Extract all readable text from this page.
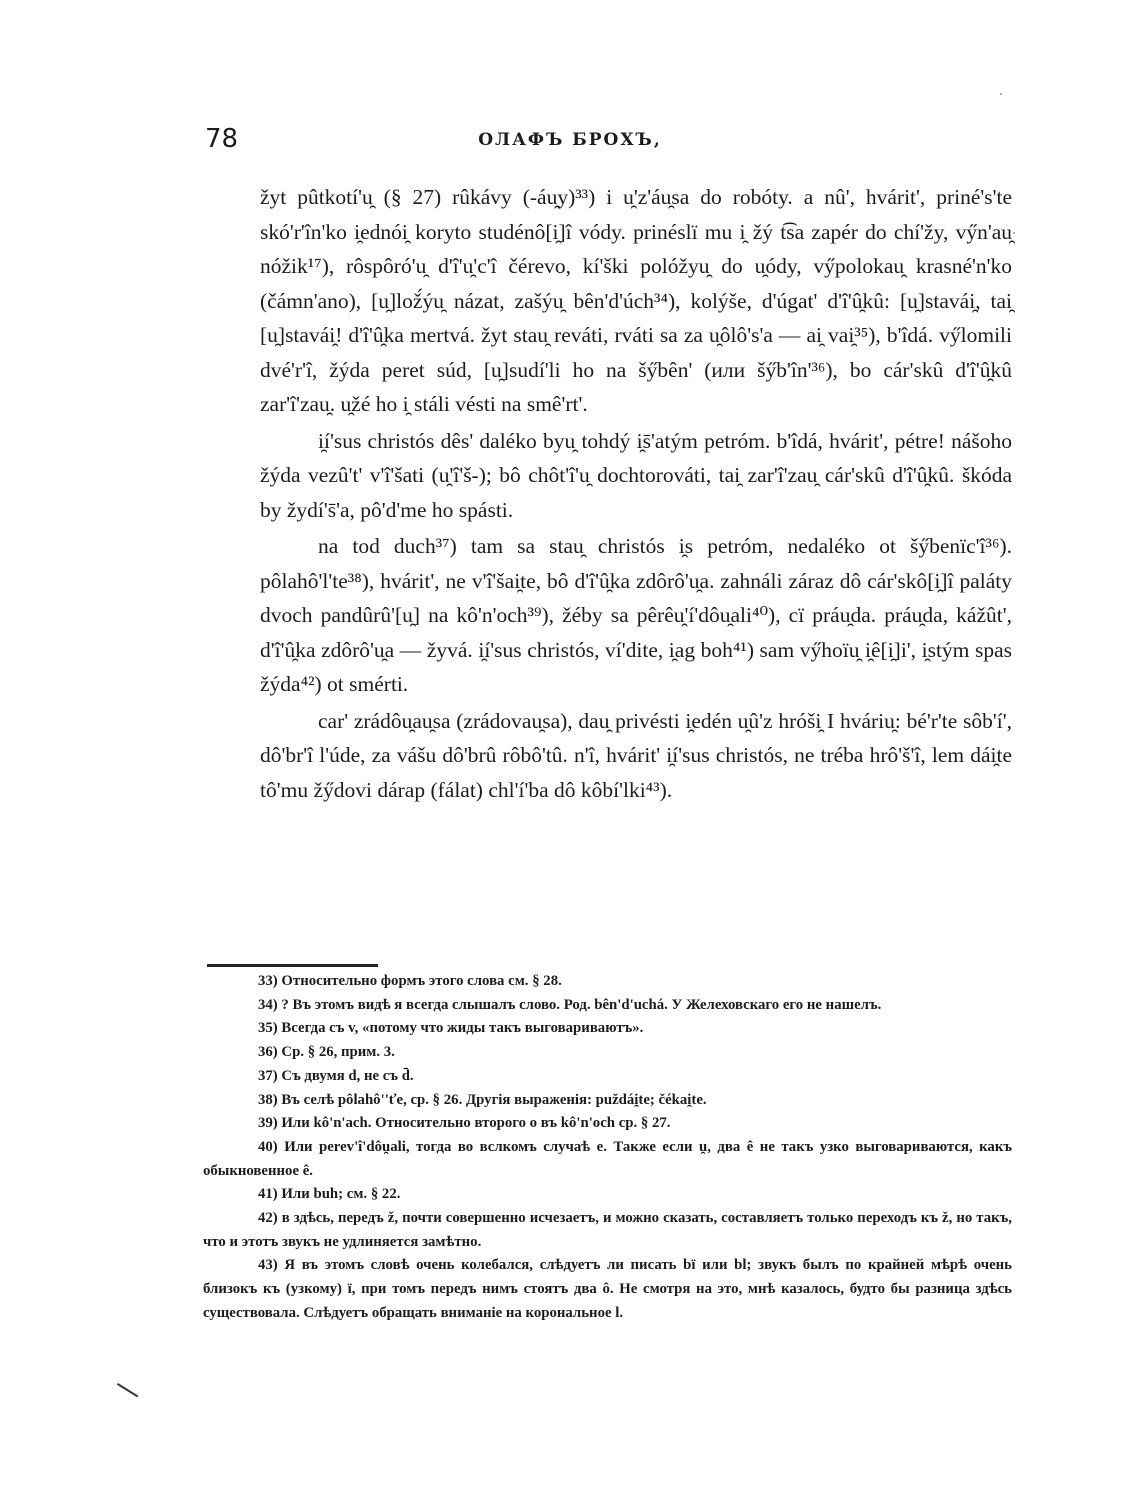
78	ОЛАФЪ БРОХЪ,

žyt pûtkotí'u̯ (§ 27) rûkávy (-áu̯y)³³) i u̯'z'áu̯sa do robóty. a nû', hvárit', priné's'te skó'r'în'ko i̯ednói̯ koryto studénô[i̯]î vódy. prinéslï mu i̯ žý t͡sa zapér do chí'žy, vy̋n'au̯ nóžik¹⁷), rôspôró'u̯ d'î'u̯'c'î čérevo, kí'ški polóžyu̯ do u̯ódy, vy̋polokau̯ krasné'n'ko (čámn'ano), [u̯]lož́ýu̯ názat, zašýu̯ bên'd'úch³⁴), kolýše, d'úgat' d'î'û̯kû: [u̯]stavái̯, tai̯ [u̯]stavái̯! d'î'û̯ka mertvá. žyt stau̯ reváti, rváti sa za u̯ôlô's'a — ai̯ vai̯³⁵), b'îdá. vy̋lomili dvé'r'î, žýda peret súd, [u̯]sudí'li ho na šy̋bên' (или šy̋b'în'³⁶), bo cár'skû d'î'û̯kû zar'î'zau̯. u̯žé ho i̯ stáli vésti na smê'rt'.

i̯í'sus christós dês' daléko byu̯ tohdý i̯s̄'atým petróm. b'îdá, hvárit', pétre! nášoho žýda vezû't' v'î'šati (u̯'î'š-); bô chôt'î'u̯ dochtorováti, tai̯ zar'î'zau̯ cár'skû d'î'û̯kû. škóda by žydí's̄'a, pô'd'me ho spásti.

na tod duch³⁷) tam sa stau̯ christós i̯s petróm, nedaléko ot šy̋benïc'î³⁶). pôlahô'l'te³⁸), hvárit', ne v'î'šai̯te, bô d'î'û̯ka zdôrô'u̯a. zahnáli záraz dô cár'skô[i̯]î paláty dvoch pandûrû'[u̯] na kô'n'och³⁹), žéby sa pêrêu̯'í'dôu̯ali⁴⁰), cï práu̯da. práu̯da, kážût', d'î'û̯ka zdôrô'u̯a — žyvá. i̯í'sus christós, ví'dite, i̯ag boh⁴¹) sam vy̋hoïu̯ i̯ê[i̯]i', i̯stým spas žýda⁴²) ot smérti.

car' zrádôu̯au̯sa (zrádovau̯sa), dau̯ privésti i̯edén u̯û'z hróši̯ I hváriu̯: bé'r'te sôb'í', dô'br'î l'úde, za vášu dô'brû rôbô'tû. n'î, hvárit' i̯í'sus christós, ne tréba hrô'š'î, lem dái̯te tô'mu žy̋dovi dárap (fálat) chl'í'ba dô kôbí'lki⁴³).

33) Относительно формъ этого слова см. § 28.

34) ? Въ этомъ видѣ я всегда слышалъ слово. Род. bên'd'uchá. У Желеховскаго его не нашелъ.

35) Всегда съ v, «потому что жиды такъ выговариваютъ».

36) Ср. § 26, прим. 3.

37) Съ двумя d, не съ d̄.

38) Въ селѣ pôlahô''ťe, ср. § 26. Другія выраженія: puždái̯te; čékai̯te.

39) Или kô'n'ach. Относительно второго o въ kô'n'och ср. § 27.

40) Или perev'î'dôu̯ali, тогда во вслкомъ случаѣ e. Также если u̯, два ê не такъ узко выговариваются, какъ обыкновенное ê.

41) Или buh; см. § 22.

42) в здѣсь, передъ ž, почти совершенно исчезаетъ, и можно сказать, составляетъ только переходъ къ ž, но такъ, что и этотъ звукъ не удлиняется замѣтно.

43) Я въ этомъ словѣ очень колебался, слѣдуетъ ли писать bï или bl; звукъ былъ по крайней мѣрѣ очень близокъ къ (узкому) ï, при томъ передъ нимъ стоятъ два ô. Не смотря на это, мнѣ казалось, будто бы разница здѣсь существовала. Слѣдуетъ обращать вниманіе на корональное l.
